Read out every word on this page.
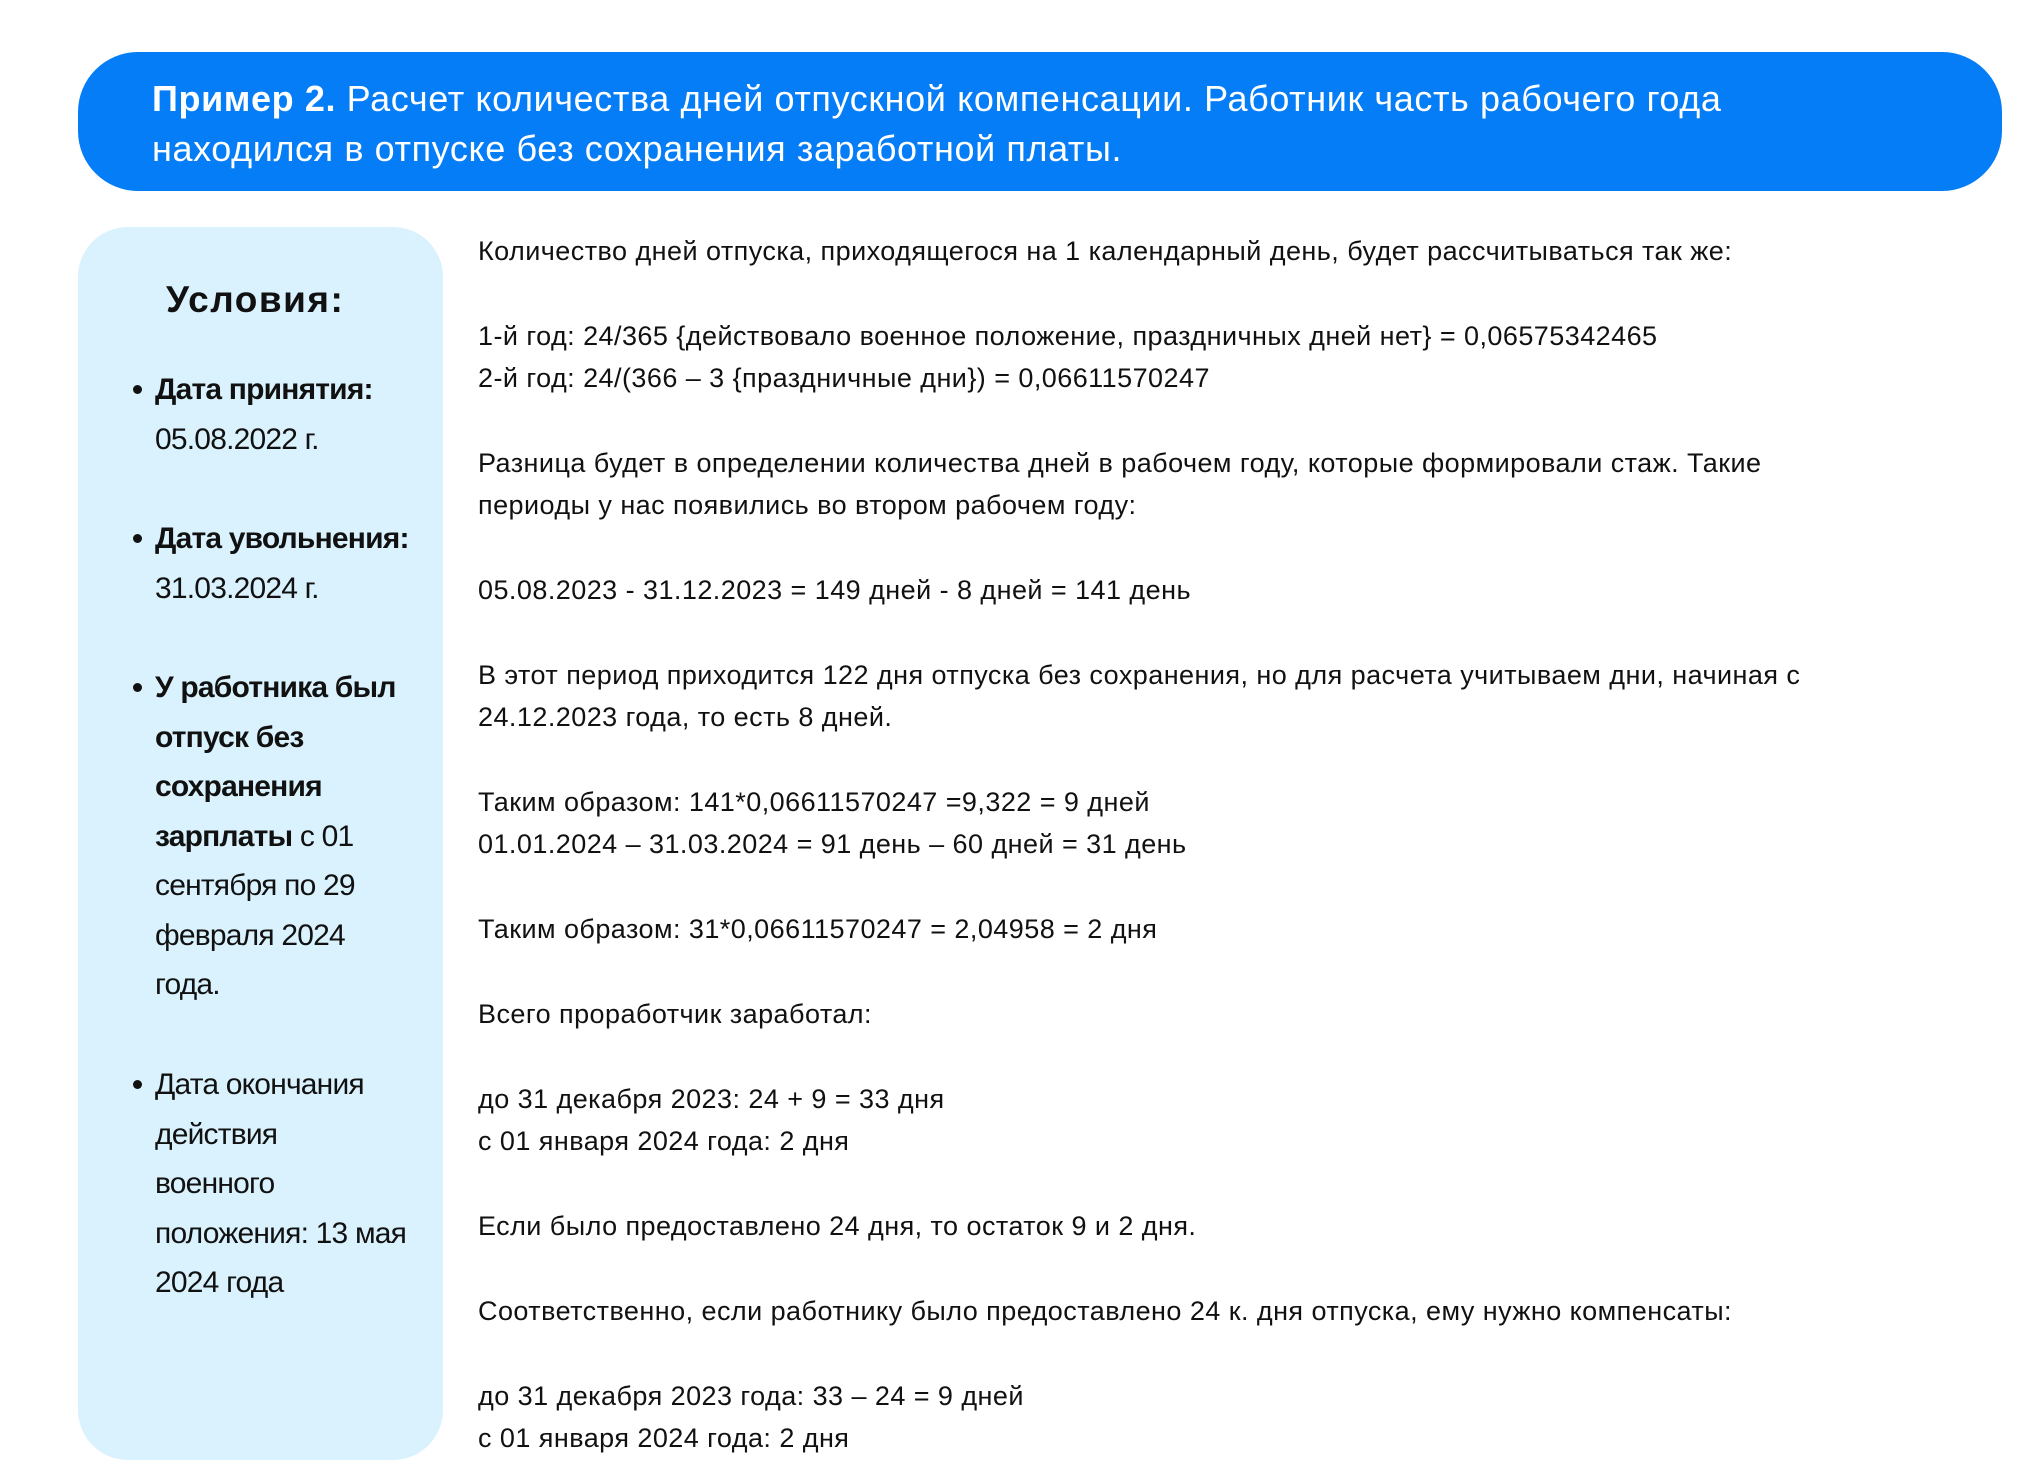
Пример 2. Расчет количества дней отпускной компенсации. Работник часть рабочего года
находился в отпуске без сохранения заработной платы.
Условия:
Дата принятия:
05.08.2022 г.
Дата увольнения:
31.03.2024 г.
У работника был
отпуск без
сохранения
зарплаты с 01
сентября по 29
февраля 2024
года.
Дата окончания
действия
военного
положения: 13 мая
2024 года
Количество дней отпуска, приходящегося на 1 календарный день, будет рассчитываться так же:
1-й год: 24/365 {действовало военное положение, праздничных дней нет} = 0,06575342465
2-й год: 24/(366 – 3 {праздничные дни}) = 0,06611570247
Разница будет в определении количества дней в рабочем году, которые формировали стаж. Такие
периоды у нас появились во втором рабочем году:
05.08.2023 - 31.12.2023 = 149 дней - 8 дней = 141 день
В этот период приходится 122 дня отпуска без сохранения, но для расчета учитываем дни, начиная с
24.12.2023 года, то есть 8 дней.
Таким образом: 141*0,06611570247 =9,322 = 9 дней
01.01.2024 – 31.03.2024 = 91 день – 60 дней = 31 день
Таким образом: 31*0,06611570247 = 2,04958 = 2 дня
Всего проработчик заработал:
до 31 декабря 2023: 24 + 9 = 33 дня
с 01 января 2024 года: 2 дня
Если было предоставлено 24 дня, то остаток 9 и 2 дня.
Соответственно, если работнику было предоставлено 24 к. дня отпуска, ему нужно компенсаты:
до 31 декабря 2023 года: 33 – 24 = 9 дней
с 01 января 2024 года: 2 дня
